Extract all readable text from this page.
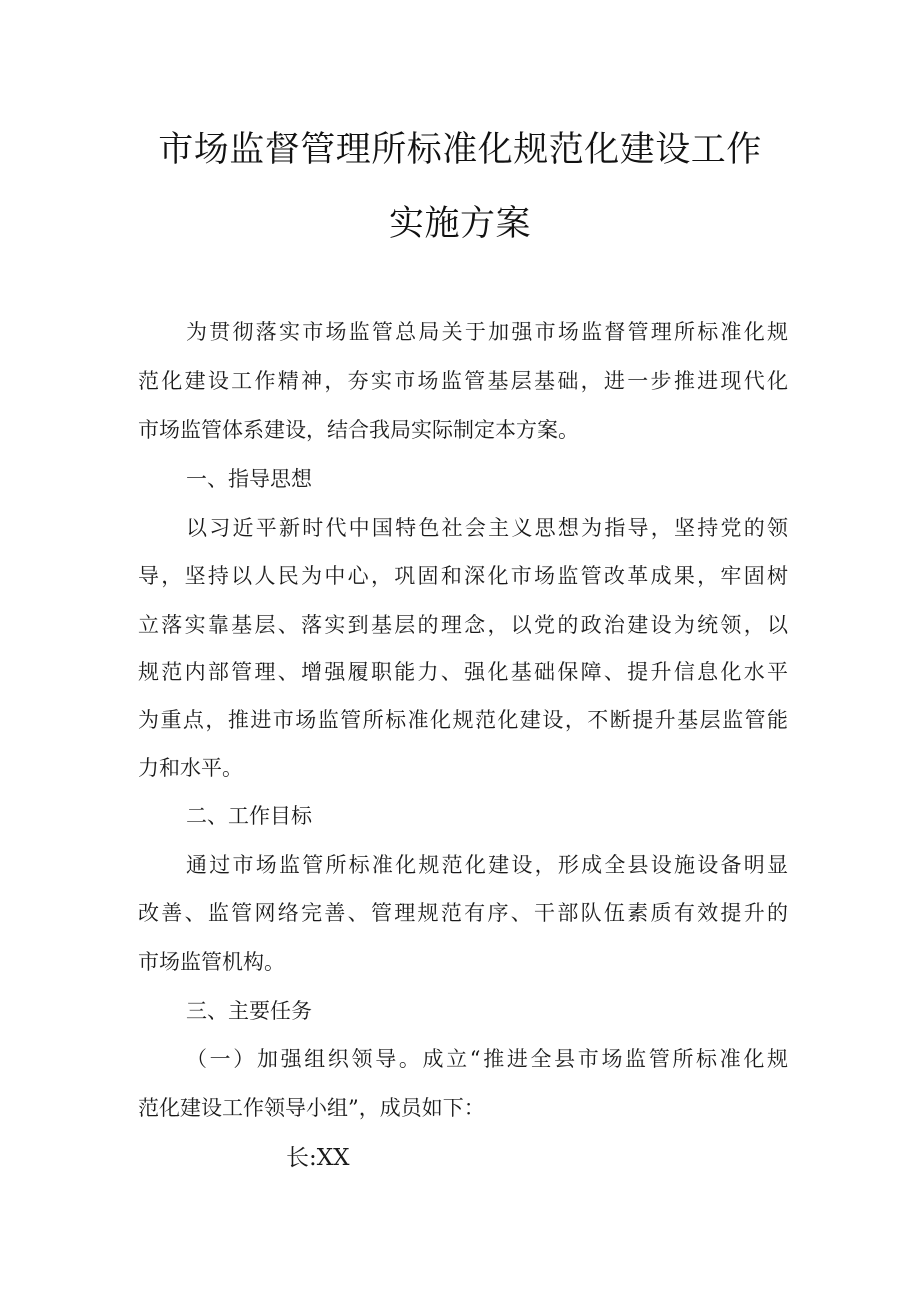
市场监督管理所标准化规范化建设工作
实施方案
为贯彻落实市场监管总局关于加强市场监督管理所标准化规
范化建设工作精神，夯实市场监管基层基础，进一步推进现代化
市场监管体系建设，结合我局实际制定本方案。
一、指导思想
以习近平新时代中国特色社会主义思想为指导，坚持党的领
导，坚持以人民为中心，巩固和深化市场监管改革成果，牢固树
立落实靠基层、落实到基层的理念，以党的政治建设为统领，以
规范内部管理、增强履职能力、强化基础保障、提升信息化水平
为重点，推进市场监管所标准化规范化建设，不断提升基层监管能
力和水平。
二、工作目标
通过市场监管所标准化规范化建设，形成全县设施设备明显
改善、监管网络完善、管理规范有序、干部队伍素质有效提升的
市场监管机构。
三、主要任务
（一）加强组织领导。成立“推进全县市场监管所标准化规
范化建设工作领导小组”，成员如下：
长:XX
